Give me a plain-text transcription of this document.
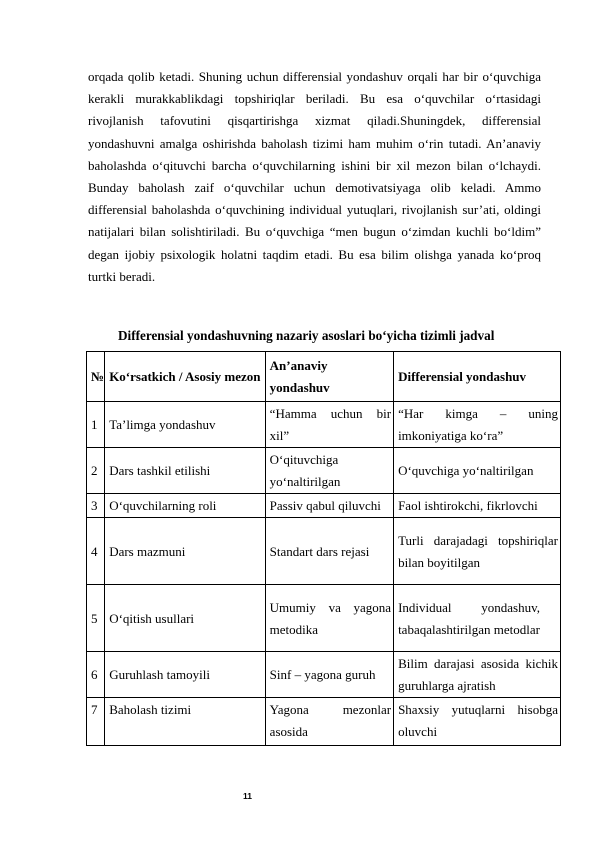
orqada qolib ketadi. Shuning uchun differensial yondashuv orqali har bir o‘quvchiga kerakli murakkablikdagi topshiriqlar beriladi. Bu esa o‘quvchilar o‘rtasidagi rivojlanish tafovutini qisqartirishga xizmat qiladi.Shuningdek, differensial yondashuvni amalga oshirishda baholash tizimi ham muhim o‘rin tutadi. An’anaviy baholashda o‘qituvchi barcha o‘quvchilarning ishini bir xil mezon bilan o‘lchaydi. Bunday baholash zaif o‘quvchilar uchun demotivatsiyaga olib keladi. Ammo differensial baholashda o‘quvchining individual yutuqlari, rivojlanish sur’ati, oldingi natijalari bilan solishtiriladi. Bu o‘quvchiga “men bugun o‘zimdan kuchli bo‘ldim” degan ijobiy psixologik holatni taqdim etadi. Bu esa bilim olishga yanada ko‘proq turtki beradi.

Differensial yondashuvning nazariy asoslari bo‘yicha tizimli jadval

№	Ko‘rsatkich / Asosiy mezon	An’anaviy yondashuv	Differensial yondashuv
1	Ta’limga yondashuv	“Hamma uchun bir xil”	“Har kimga – uning imkoniyatiga ko‘ra”
2	Dars tashkil etilishi	O‘qituvchiga yo‘naltirilgan	O‘quvchiga yo‘naltirilgan
3	O‘quvchilarning roli	Passiv qabul qiluvchi	Faol ishtirokchi, fikrlovchi
4	Dars mazmuni	Standart dars rejasi	Turli darajadagi topshiriqlar bilan boyitilgan
5	O‘qitish usullari	Umumiy va yagona metodika	Individual yondashuv, tabaqalashtirilgan metodlar
6	Guruhlash tamoyili	Sinf – yagona guruh	Bilim darajasi asosida kichik guruhlarga ajratish
7	Baholash tizimi	Yagona mezonlar asosida	Shaxsiy yutuqlarni hisobga oluvchi
11
